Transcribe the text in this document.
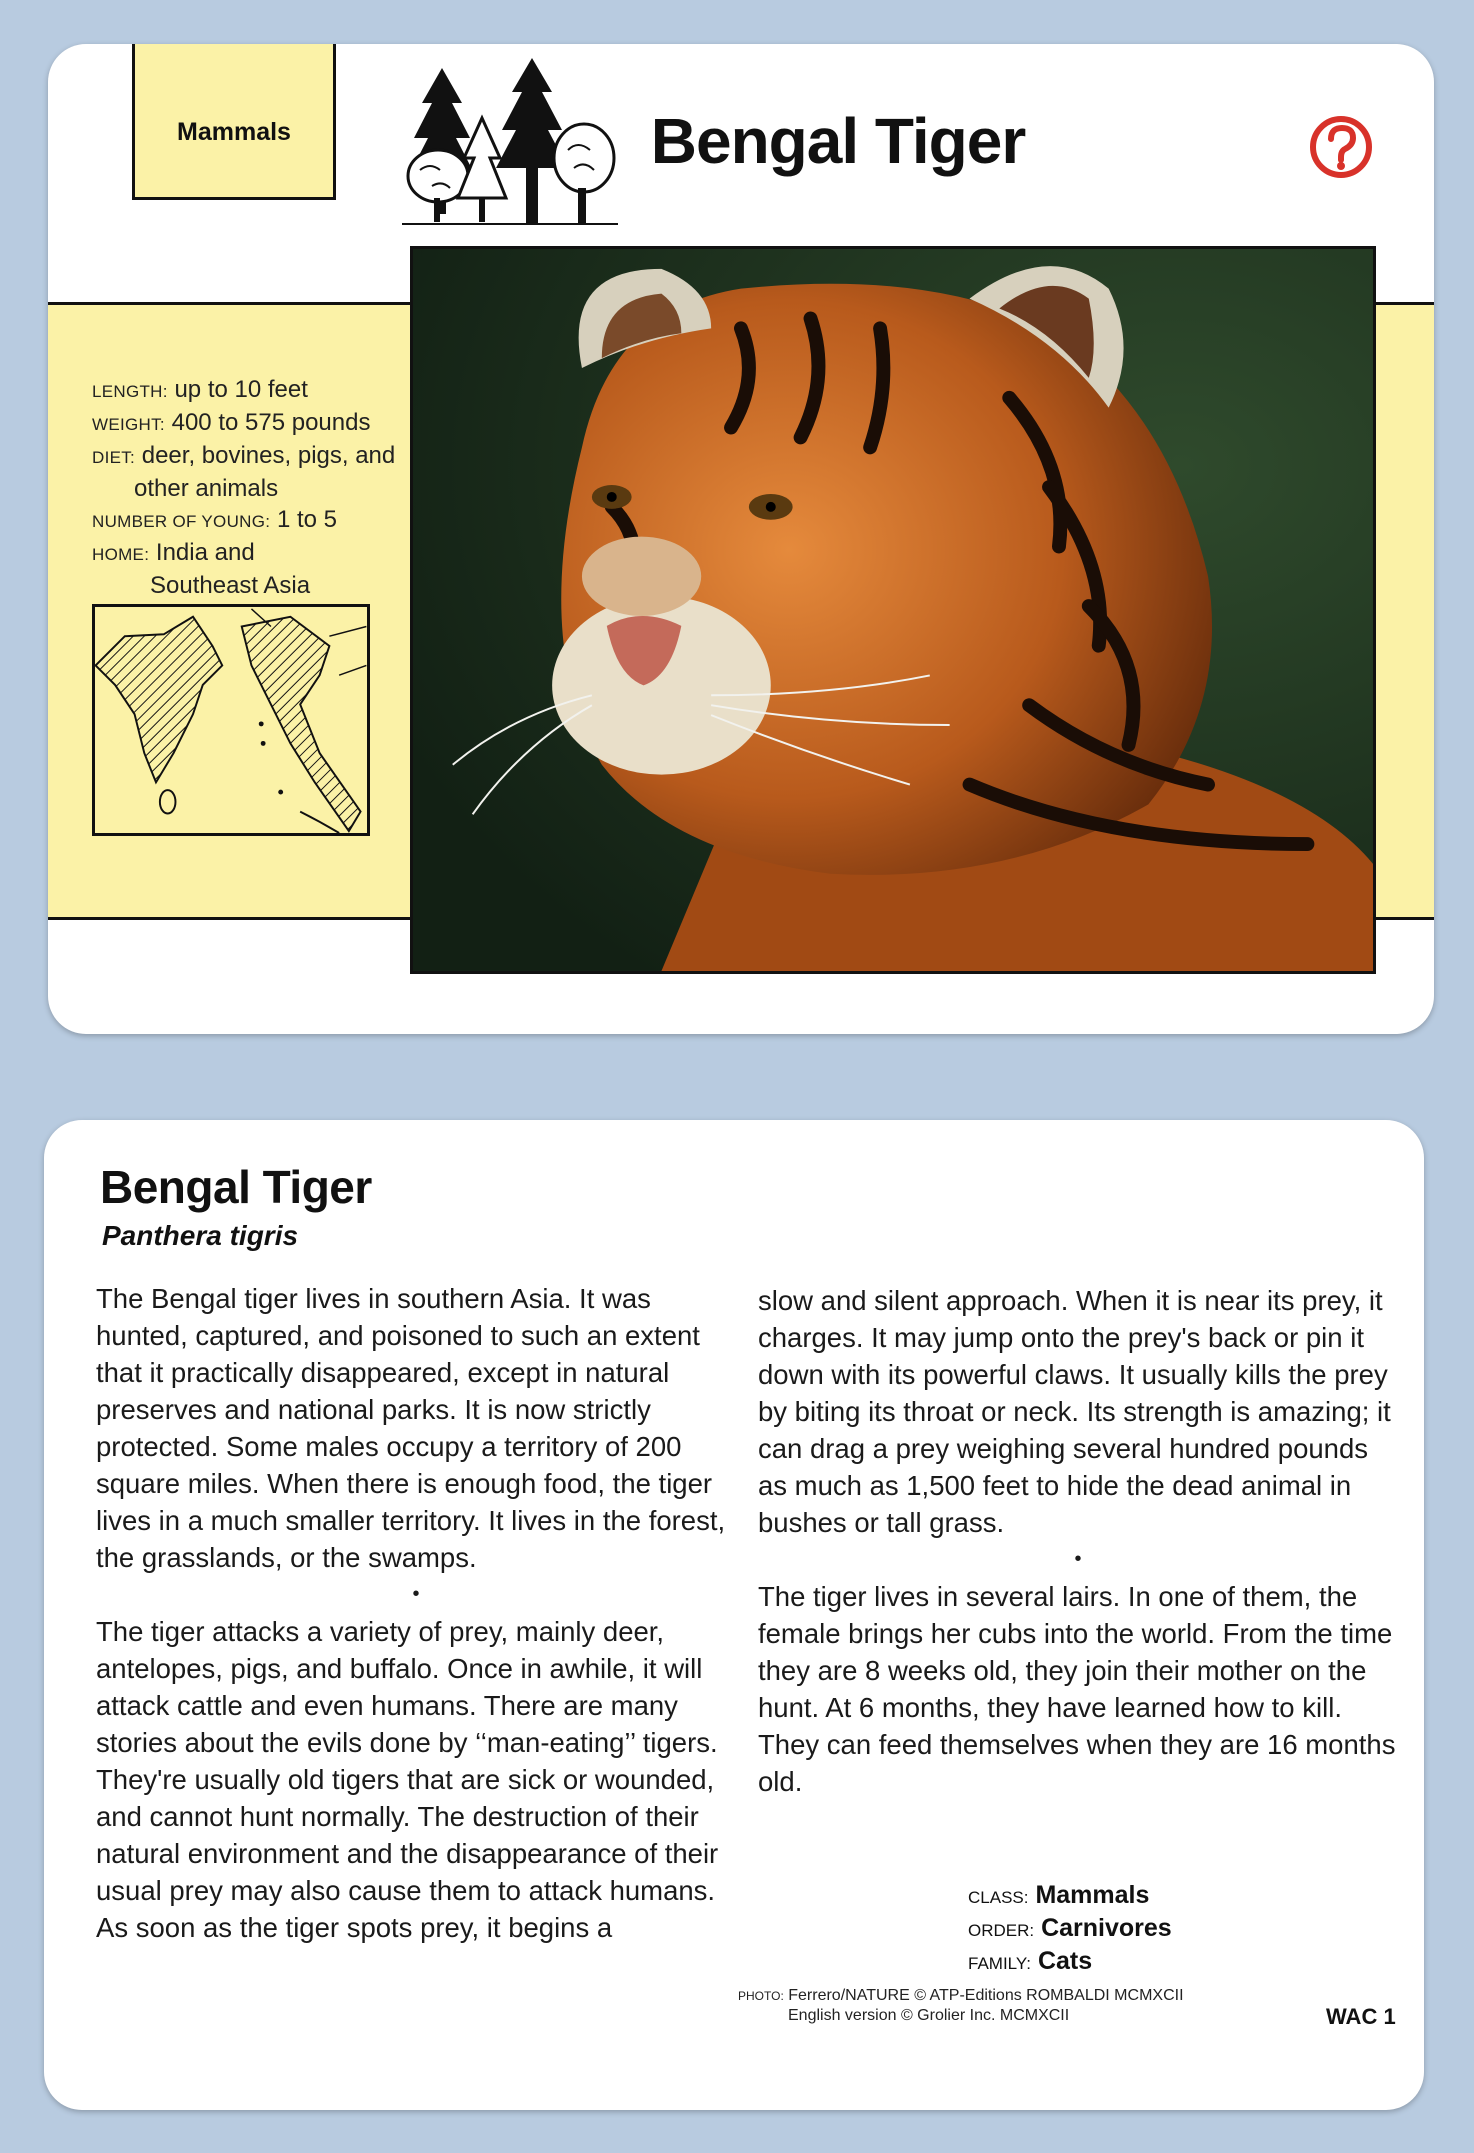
Mammals	Bengal Tiger
LENGTH: up to 10 feet
WEIGHT: 400 to 575 pounds
DIET: deer, bovines, pigs, and
other animals
NUMBER OF YOUNG: 1 to 5
HOME: India and
Southeast Asia
Bengal Tiger
Panthera tigris

The Bengal tiger lives in southern Asia. It was hunted, captured, and poisoned to such an extent that it practically disappeared, except in natural preserves and national parks. It is now strictly protected. Some males occupy a territory of 200 square miles. When there is enough food, the tiger lives in a much smaller territory. It lives in the forest, the grasslands, or the swamps.

•

The tiger attacks a variety of prey, mainly deer, antelopes, pigs, and buffalo. Once in awhile, it will attack cattle and even humans. There are many stories about the evils done by ‘‘man-eating’’ tigers. They're usually old tigers that are sick or wounded, and cannot hunt normally. The destruction of their natural environment and the disappearance of their usual prey may also cause them to attack humans. As soon as the tiger spots prey, it begins a

slow and silent approach. When it is near its prey, it charges. It may jump onto the prey's back or pin it down with its powerful claws. It usually kills the prey by biting its throat or neck. Its strength is amazing; it can drag a prey weighing several hundred pounds as much as 1,500 feet to hide the dead animal in bushes or tall grass.

•

The tiger lives in several lairs. In one of them, the female brings her cubs into the world. From the time they are 8 weeks old, they join their mother on the hunt. At 6 months, they have learned how to kill. They can feed themselves when they are 16 months old.

CLASS: Mammals
ORDER: Carnivores
FAMILY: Cats
PHOTO: Ferrero/NATURE © ATP-Editions ROMBALDI MCMXCII
English version © Grolier Inc. MCMXCII	WAC 1
